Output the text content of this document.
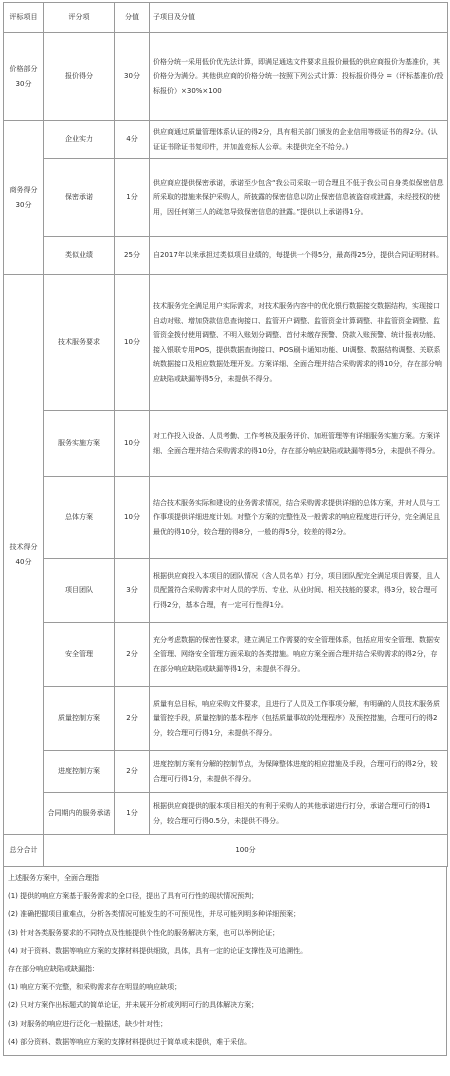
评标项目	评分项	分值	子项目及分值
价格部分30分	报价得分	30分	价格分统一采用低价优先法计算，即满足通选文件要求且报价最低的供应商报价为基准价，其价格分为满分。其他供应商的价格分统一按照下列公式计算：投标报价得分 =（评标基准价/投标报价）×30%×100
商务得分30分	企业实力	4分	供应商通过质量管理体系认证的得2分，具有相关部门颁发的企业信用等级证书的得2分。(认证证书除证书复印件，并加盖竞标人公章。未提供完全不给分。)
	保密承诺	1分	供应商应提供保密承诺，承诺至少包含“我公司采取一切合理且不低于我公司自身类似保密信息所采取的措施来保护采购人，所披露的保密信息以防止保密信息被盗窃或泄露，未经授权的使用，因任何第三人的疏忽导致保密信息的泄露。”提供以上承诺得1分。
	类似业绩	25分	自2017年以来承担过类似项目业绩的，每提供一个得5分，最高得25分，提供合同证明材料。
技术得分40分	技术服务要求	10分	技术服务完全满足用户实际需求，对技术服务内容中的优化银行数据接交数据结构，实现接口自动对账、增加贷款信息查询接口、监管开户调整、监管资金计算调整、非监管资金调整、监管资金拨付使用调整、不明入账划分调整、首付未缴存预警、贷款入账预警、统计报表功能、接入银联专用POS，提供数据查询接口、POS刷卡通知功能、UI调整、数据结构调整、关联系统数据接口及相应数据处理开发。方案详细、全面合理并结合采购需求的得10分，存在部分响应缺陷或缺漏等得5分，未提供不得分。
	服务实施方案	10分	对工作投入设备、人员考勤、工作考核及服务评价、加班管理等有详细服务实施方案。方案详细、全面合理并结合采购需求的得10分，存在部分响应缺陷或缺漏等得5分，未提供不得分。
	总体方案	10分	结合技术服务实际和建设的业务需求情况，结合采购需求提供详细的总体方案，并对人员与工作事项提供详细进度计划。对整个方案的完整性及一般需求的响应程度进行评分，完全满足且最优的得10分，较合理的得8分，一般的得5分，较差的得2分。
	项目团队	3分	根据供应商投入本项目的团队情况（含人员名单）打分，项目团队配完全满足项目需要，且人员配置符合采购需求中对人员的学历、专业、从业时间、相关技能的要求，得3分，较合理可行得2分，基本合理，有一定可行性得1分。
	安全管理	2分	充分考虑数据的保密性要求，建立满足工作需要的安全管理体系，包括应用安全管理、数据安全管理、网络安全管理方面采取的各类措施。响应方案全面合理并结合采购需求的得2分，存在部分响应缺陷或缺漏等得1分，未提供不得分。
	质量控制方案	2分	质量有总目标，响应采购文件要求，且进行了人员及工作事项分解，有明确的人员技术服务质量管控手段，质量控制的基本程序（包括质量事故的处理程序）及预控措施，合理可行的得2分，较合理可行得1分，未提供不得分。
	进度控制方案	2分	进度控制方案有分解的控制节点，为保障整体进度的相应措施及手段，合理可行的得2分，较合理可行得1分，未提供不得分。
	合同期内的服务承诺	1分	根据供应商提供的服本项目相关的有利于采购人的其他承诺进行打分，承诺合理可行的得1分，较合理可行得0.5分，未提供不得分。
总分合计	100分		
上述服务方案中，全面合理指
(1) 提供的响应方案基于服务需求的全口径，提出了具有可行性的现状情况预判；
(2) 准确把握项目重难点，分析各类情况可能发生的不可预见性，并尽可能列明多种详细预案；
(3) 针对各类服务要求的不同特点及性能提供个性化的服务解决方案，也可以举例论证；
(4) 对于资料、数据等响应方案的支撑材料提供细致，具体，具有一定的论证支撑性及可追溯性。
存在部分响应缺陷或缺漏指：
(1) 响应方案不完整，和采购需求存在明显的响应缺项；
(2) 只对方案作出标题式的简单论证，并未展开分析或列明可行的具体解决方案；
(3) 对服务的响应进行泛化一般描述，缺少针对性；
(4) 部分资料、数据等响应方案的支撑材料提供过于简单或未提供，难于采信。
